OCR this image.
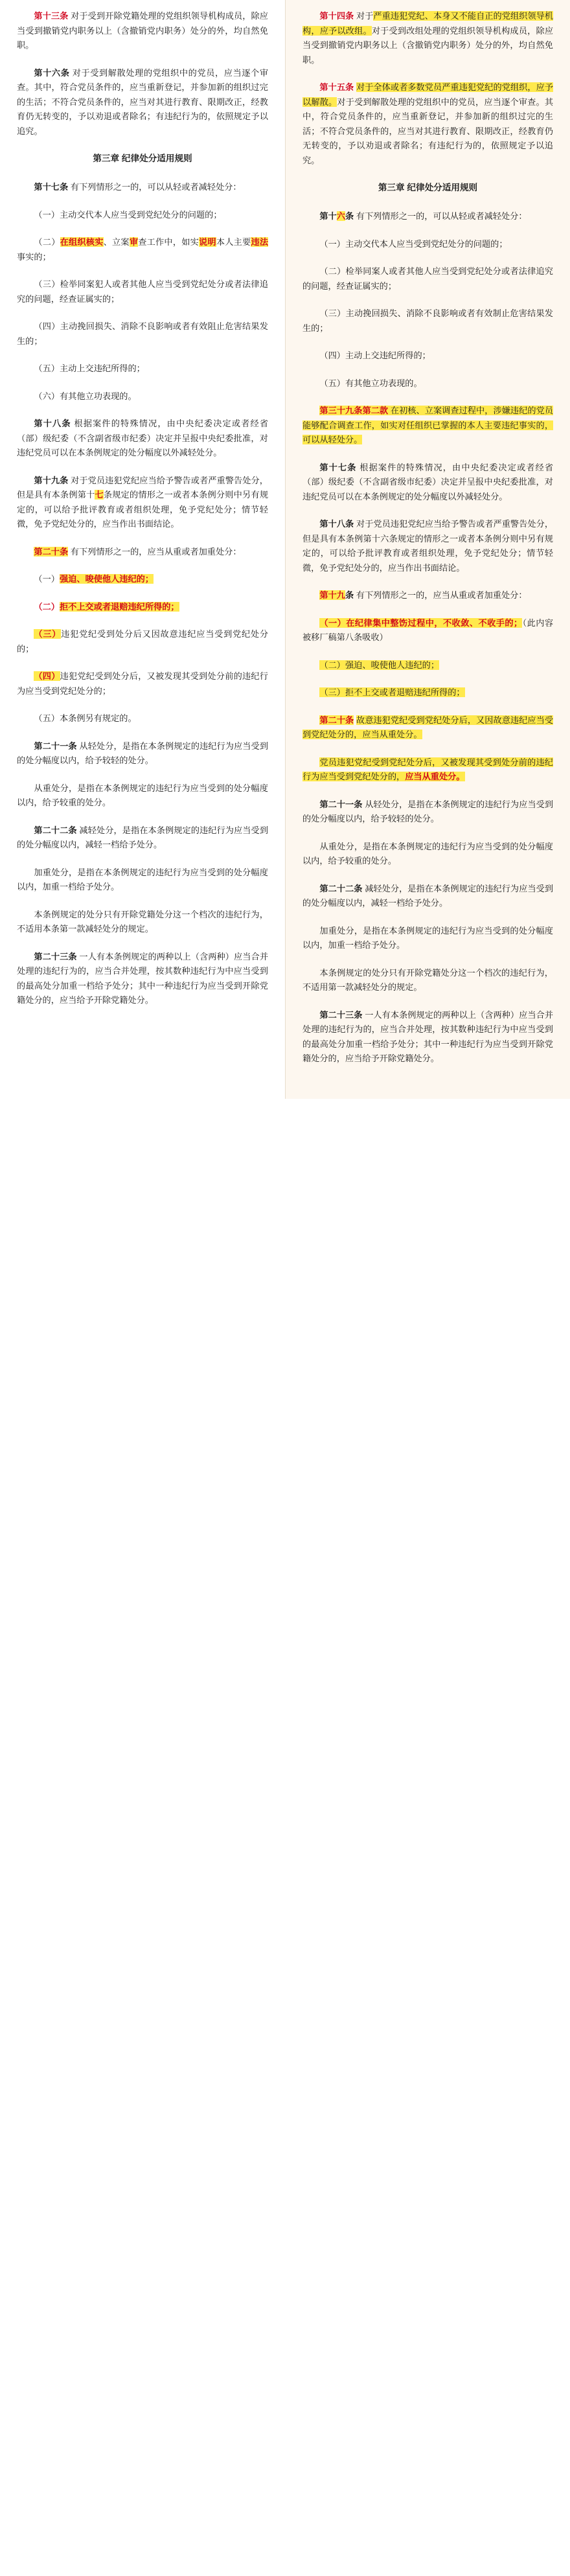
第十三条 对于受到开除党籍处理的党组织领导机构成员，除应当受到撤销党内职务以上（含撤销党内职务）处分的外，均自然免职。

第十六条 对于受到解散处理的党组织中的党员，应当逐个审查。其中，符合党员条件的，应当重新登记，并参加新的组织过完的生活；不符合党员条件的，应当对其进行教育、限期改正，经教育仍无转变的，予以劝退或者除名；有违纪行为的，依照规定予以追究。

第三章 纪律处分适用规则

第十七条 有下列情形之一的，可以从轻或者减轻处分：

（一）主动交代本人应当受到党纪处分的问题的；

（二）在组织核实、立案审查工作中，如实说明本人主要违法事实的；

（三）检举同案犯人或者其他人应当受到党纪处分或者法律追究的问题，经查证属实的；

（四）主动挽回损失、消除不良影响或者有效阻止危害结果发生的；

（五）主动上交违纪所得的；

（六）有其他立功表现的。

第十八条 根据案件的特殊情况，由中央纪委决定或者经省（部）级纪委（不含副省级市纪委）决定并呈报中央纪委批准，对违纪党员可以在本条例规定的处分幅度以外减轻处分。

第十九条 对于党员违犯党纪应当给予警告或者严重警告处分，但是具有本条例第十七条规定的情形之一或者本条例分则中另有规定的，可以给予批评教育或者组织处理，免予党纪处分；情节轻微，免予党纪处分的，应当作出书面结论。

第二十条 有下列情形之一的，应当从重或者加重处分：

（一）强迫、唆使他人违纪的；

（二）拒不上交或者退赔违纪所得的；

（三）违犯党纪受到处分后又因故意违纪应当受到党纪处分的；

（四）违犯党纪受到处分后，又被发现其受到处分前的违纪行为应当受到党纪处分的；

（五）本条例另有规定的。

第二十一条 从轻处分，是指在本条例规定的违纪行为应当受到的处分幅度以内，给予较轻的处分。

从重处分，是指在本条例规定的违纪行为应当受到的处分幅度以内，给予较重的处分。

第二十二条 减轻处分，是指在本条例规定的违纪行为应当受到的处分幅度以内，减轻一档给予处分。

加重处分，是指在本条例规定的违纪行为应当受到的处分幅度以内，加重一档给予处分。

本条例规定的处分只有开除党籍处分这一个档次的违纪行为，不适用本条第一款减轻处分的规定。

第二十三条 一人有本条例规定的两种以上（含两种）应当合并处理的违纪行为的，应当合并处理，按其数种违纪行为中应当受到的最高处分加重一档给予处分；其中一种违纪行为应当受到开除党籍处分的，应当给予开除党籍处分。

第十四条 对于严重违犯党纪、本身又不能自正的党组织领导机构，应予以改组。对于受到改组处理的党组织领导机构成员，除应当受到撤销党内职务以上（含撤销党内职务）处分的外，均自然免职。

第十五条 对于全体或者多数党员严重违犯党纪的党组织，应予以解散。对于受到解散处理的党组织中的党员，应当逐个审查。其中，符合党员条件的，应当重新登记，并参加新的组织过完的生活；不符合党员条件的，应当对其进行教育、限期改正，经教育仍无转变的，予以劝退或者除名；有违纪行为的，依照规定予以追究。

第三章 纪律处分适用规则

第十六条 有下列情形之一的，可以从轻或者减轻处分：

（一）主动交代本人应当受到党纪处分的问题的；

（二）检举同案人或者其他人应当受到党纪处分或者法律追究的问题，经查证属实的；

（三）主动挽回损失、消除不良影响或者有效制止危害结果发生的；

（四）主动上交违纪所得的；

（五）有其他立功表现的。

第三十九条第二款 在初核、立案调查过程中，涉嫌违纪的党员能够配合调查工作，如实对任组织已掌握的本人主要违纪事实的，可以从轻处分。

第十七条 根据案件的特殊情况，由中央纪委决定或者经省（部）级纪委（不含副省级市纪委）决定并呈报中央纪委批准，对违纪党员可以在本条例规定的处分幅度以外减轻处分。

第十八条 对于党员违犯党纪应当给予警告或者严重警告处分，但是具有本条例第十六条规定的情形之一或者本条例分则中另有规定的，可以给予批评教育或者组织处理，免予党纪处分；情节轻微，免予党纪处分的，应当作出书面结论。

第十九条 有下列情形之一的，应当从重或者加重处分：

（一）在纪律集中整饬过程中，不收敛、不收手的；（此内容被移厂稿第八条吸收）

（二）强迫、唆使他人违纪的；

（三）拒不上交或者退赔违纪所得的；

第二十条 故意违犯党纪受到党纪处分后，又因故意违纪应当受到党纪处分的，应当从重处分。

党员违犯党纪受到党纪处分后，又被发现其受到处分前的违纪行为应当受到党纪处分的，应当从重处分。

第二十一条 从轻处分，是指在本条例规定的违纪行为应当受到的处分幅度以内，给予较轻的处分。

从重处分，是指在本条例规定的违纪行为应当受到的处分幅度以内，给予较重的处分。

第二十二条 减轻处分，是指在本条例规定的违纪行为应当受到的处分幅度以内，减轻一档给予处分。

加重处分，是指在本条例规定的违纪行为应当受到的处分幅度以内，加重一档给予处分。

本条例规定的处分只有开除党籍处分这一个档次的违纪行为，不适用第一款减轻处分的规定。

第二十三条 一人有本条例规定的两种以上（含两种）应当合并处理的违纪行为的，应当合并处理，按其数种违纪行为中应当受到的最高处分加重一档给予处分；其中一种违纪行为应当受到开除党籍处分的，应当给予开除党籍处分。
